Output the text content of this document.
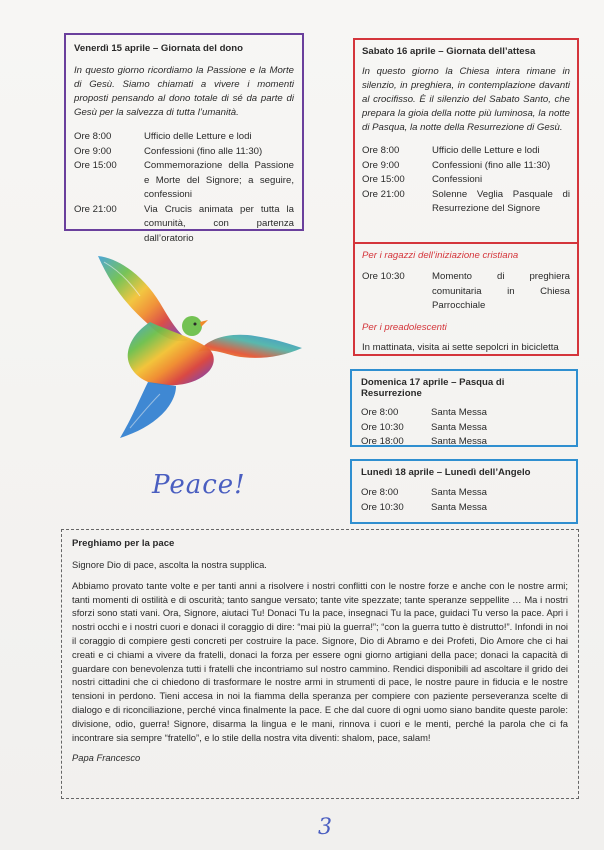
Venerdì 15 aprile – Giornata del dono
In questo giorno ricordiamo la Passione e la Morte di Gesù. Siamo chiamati a vivere i momenti proposti pensando al dono totale di sé da parte di Gesù per la salvezza di tutta l’umanità.
Ore 8:00	Ufficio delle Letture e lodi
Ore 9:00	Confessioni (fino alle 11:30)
Ore 15:00	Commemorazione della Passione e Morte del Signore; a seguire, confessioni
Ore 21:00	Via Crucis animata per tutta la comunità, con partenza dall’oratorio
Sabato 16 aprile – Giornata dell’attesa
In questo giorno la Chiesa intera rimane in silenzio, in preghiera, in contemplazione davanti al crocifisso. È il silenzio del Sabato Santo, che prepara la gioia della notte più luminosa, la notte di Pasqua, la notte della Resurrezione di Gesù.
Ore 8:00	Ufficio delle Letture e lodi
Ore 9:00	Confessioni (fino alle 11:30)
Ore 15:00	Confessioni
Ore 21:00	Solenne Veglia Pasquale di Resurrezione del Signore
Per i ragazzi dell’iniziazione cristiana
Ore 10:30	Momento di preghiera comunitaria in Chiesa Parrocchiale
Per i preadolescenti
In mattinata, visita ai sette sepolcri in bicicletta
Domenica 17 aprile – Pasqua di Resurrezione
Ore 8:00	Santa Messa
Ore 10:30	Santa Messa
Ore 18:00	Santa Messa
Lunedì 18 aprile – Lunedì dell’Angelo
Ore 8:00	Santa Messa
Ore 10:30	Santa Messa
Peace!
Preghiamo per la pace

Signore Dio di pace, ascolta la nostra supplica.

Abbiamo provato tante volte e per tanti anni a risolvere i nostri conflitti con le nostre forze e anche con le nostre armi; tanti momenti di ostilità e di oscurità; tanto sangue versato; tante vite spezzate; tante speranze seppellite … Ma i nostri sforzi sono stati vani. Ora, Signore, aiutaci Tu! Donaci Tu la pace, insegnaci Tu la pace, guidaci Tu verso la pace. Apri i nostri occhi e i nostri cuori e donaci il coraggio di dire: “mai più la guerra!”; “con la guerra tutto è distrutto!”. Infondi in noi il coraggio di compiere gesti concreti per costruire la pace. Signore, Dio di Abramo e dei Profeti, Dio Amore che ci hai creati e ci chiami a vivere da fratelli, donaci la forza per essere ogni giorno artigiani della pace; donaci la capacità di guardare con benevolenza tutti i fratelli che incontriamo sul nostro cammino. Rendici disponibili ad ascoltare il grido dei nostri cittadini che ci chiedono di trasformare le nostre armi in strumenti di pace, le nostre paure in fiducia e le nostre tensioni in perdono. Tieni accesa in noi la fiamma della speranza per compiere con paziente perseveranza scelte di dialogo e di riconciliazione, perché vinca finalmente la pace. E che dal cuore di ogni uomo siano bandite queste parole: divisione, odio, guerra! Signore, disarma la lingua e le mani, rinnova i cuori e le menti, perché la parola che ci fa incontrare sia sempre “fratello”, e lo stile della nostra vita diventi: shalom, pace, salam!

Papa Francesco
3
